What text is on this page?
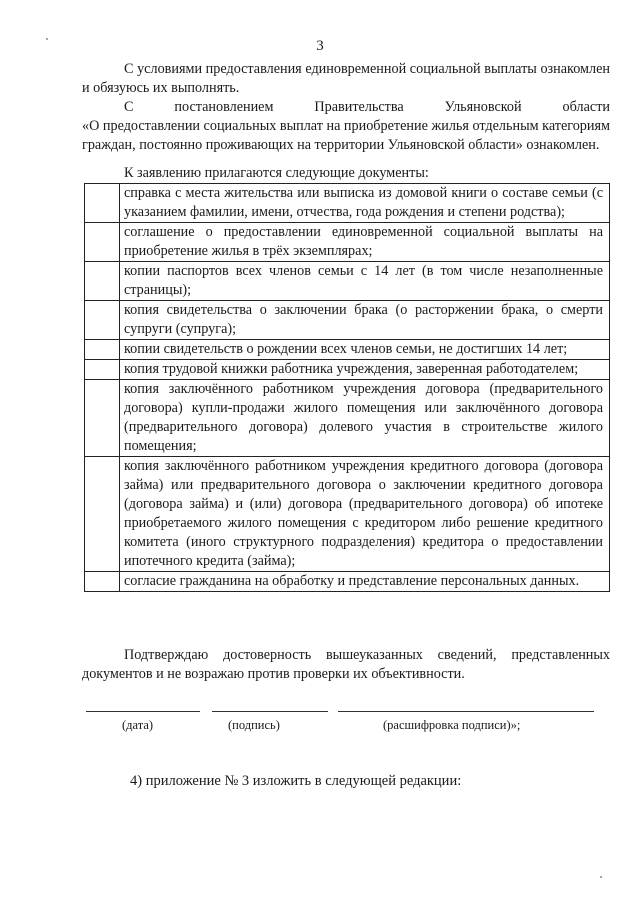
3
С условиями предоставления единовременной социальной выплаты ознакомлен и обязуюсь их выполнять.
С постановлением Правительства Ульяновской области
«О предоставлении социальных выплат на приобретение жилья отдельным категориям граждан, постоянно проживающих на территории Ульяновской области» ознакомлен.
К заявлению прилагаются следующие документы:
	справка с места жительства или выписка из домовой книги о составе семьи (с указанием фамилии, имени, отчества, года рождения и степени родства);
	соглашение о предоставлении единовременной социальной выплаты на приобретение жилья в трёх экземплярах;
	копии паспортов всех членов семьи с 14 лет (в том числе незаполненные страницы);
	копия свидетельства о заключении брака (о расторжении брака, о смерти супруги (супруга);
	копии свидетельств о рождении всех членов семьи, не достигших 14 лет;
	копия трудовой книжки работника учреждения, заверенная работодателем;
	копия заключённого работником учреждения договора (предварительного договора) купли-продажи жилого помещения или заключённого договора (предварительного договора) долевого участия в строительстве жилого помещения;
	копия заключённого работником учреждения кредитного договора (договора займа) или предварительного договора о заключении кредитного договора (договора займа) и (или) договора (предварительного договора) об ипотеке приобретаемого жилого помещения с кредитором либо решение кредитного комитета (иного структурного подразделения) кредитора о предоставлении ипотечного кредита (займа);
	согласие гражданина на обработку и представление персональных данных.
Подтверждаю достоверность вышеуказанных сведений, представленных документов и не возражаю против проверки их объективности.
(дата)	(подпись)	(расшифровка подписи)»;
4) приложение № 3 изложить в следующей редакции:
